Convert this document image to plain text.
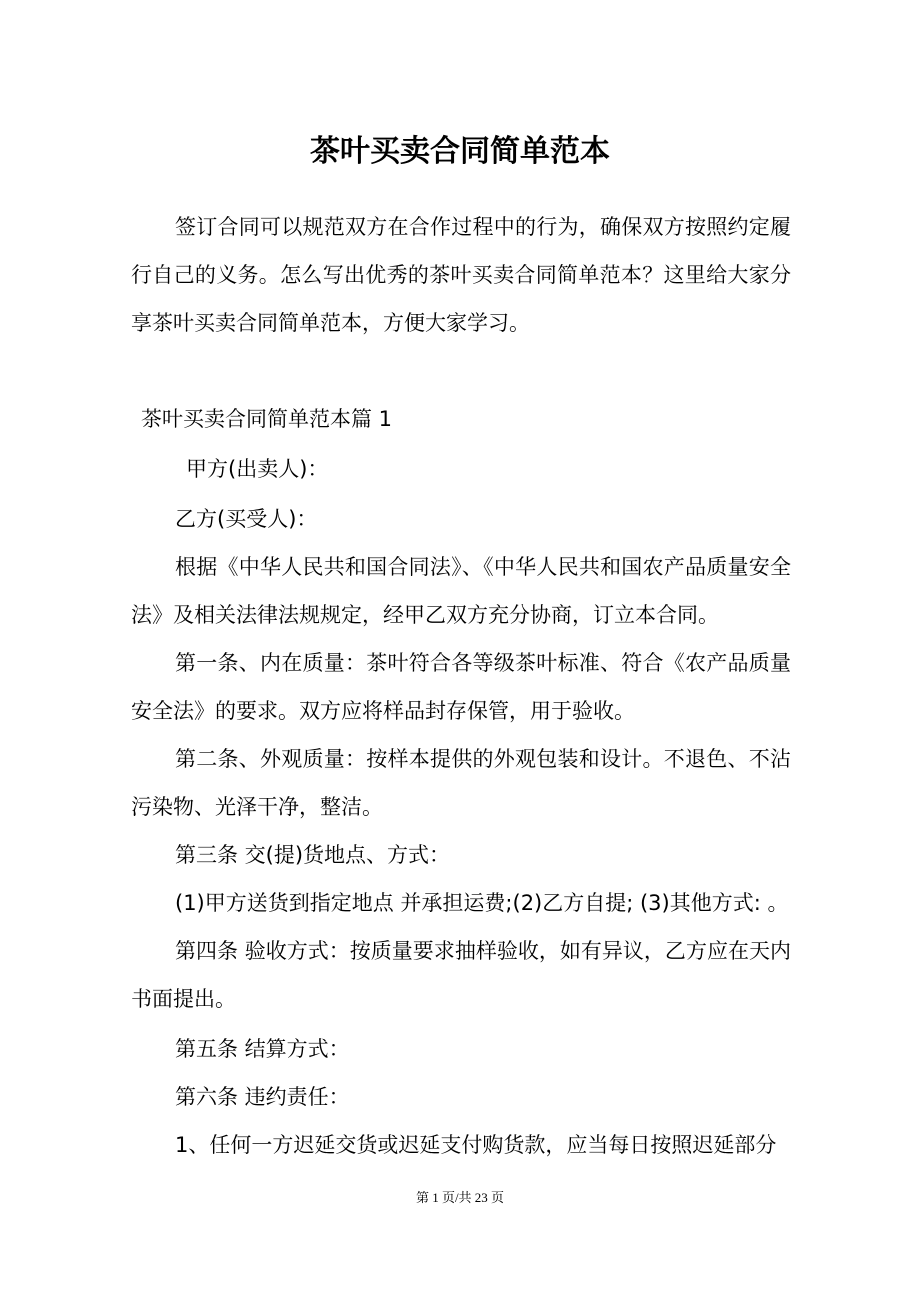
茶叶买卖合同简单范本

签订合同可以规范双方在合作过程中的行为，确保双方按照约定履行自己的义务。怎么写出优秀的茶叶买卖合同简单范本？这里给大家分享茶叶买卖合同简单范本，方便大家学习。

茶叶买卖合同简单范本篇 1

甲方(出卖人)：

乙方(买受人)：

根据《中华人民共和国合同法》、《中华人民共和国农产品质量安全法》及相关法律法规规定，经甲乙双方充分协商，订立本合同。

第一条、内在质量：茶叶符合各等级茶叶标准、符合《农产品质量安全法》的要求。双方应将样品封存保管，用于验收。

第二条、外观质量：按样本提供的外观包装和设计。不退色、不沾污染物、光泽干净，整洁。

第三条 交(提)货地点、方式：

(1)甲方送货到指定地点 并承担运费;(2)乙方自提; (3)其他方式: 。

第四条 验收方式：按质量要求抽样验收，如有异议，乙方应在天内书面提出。

第五条 结算方式：

第六条 违约责任：

1、任何一方迟延交货或迟延支付购货款，应当每日按照迟延部分

第 1 页/共 23 页
